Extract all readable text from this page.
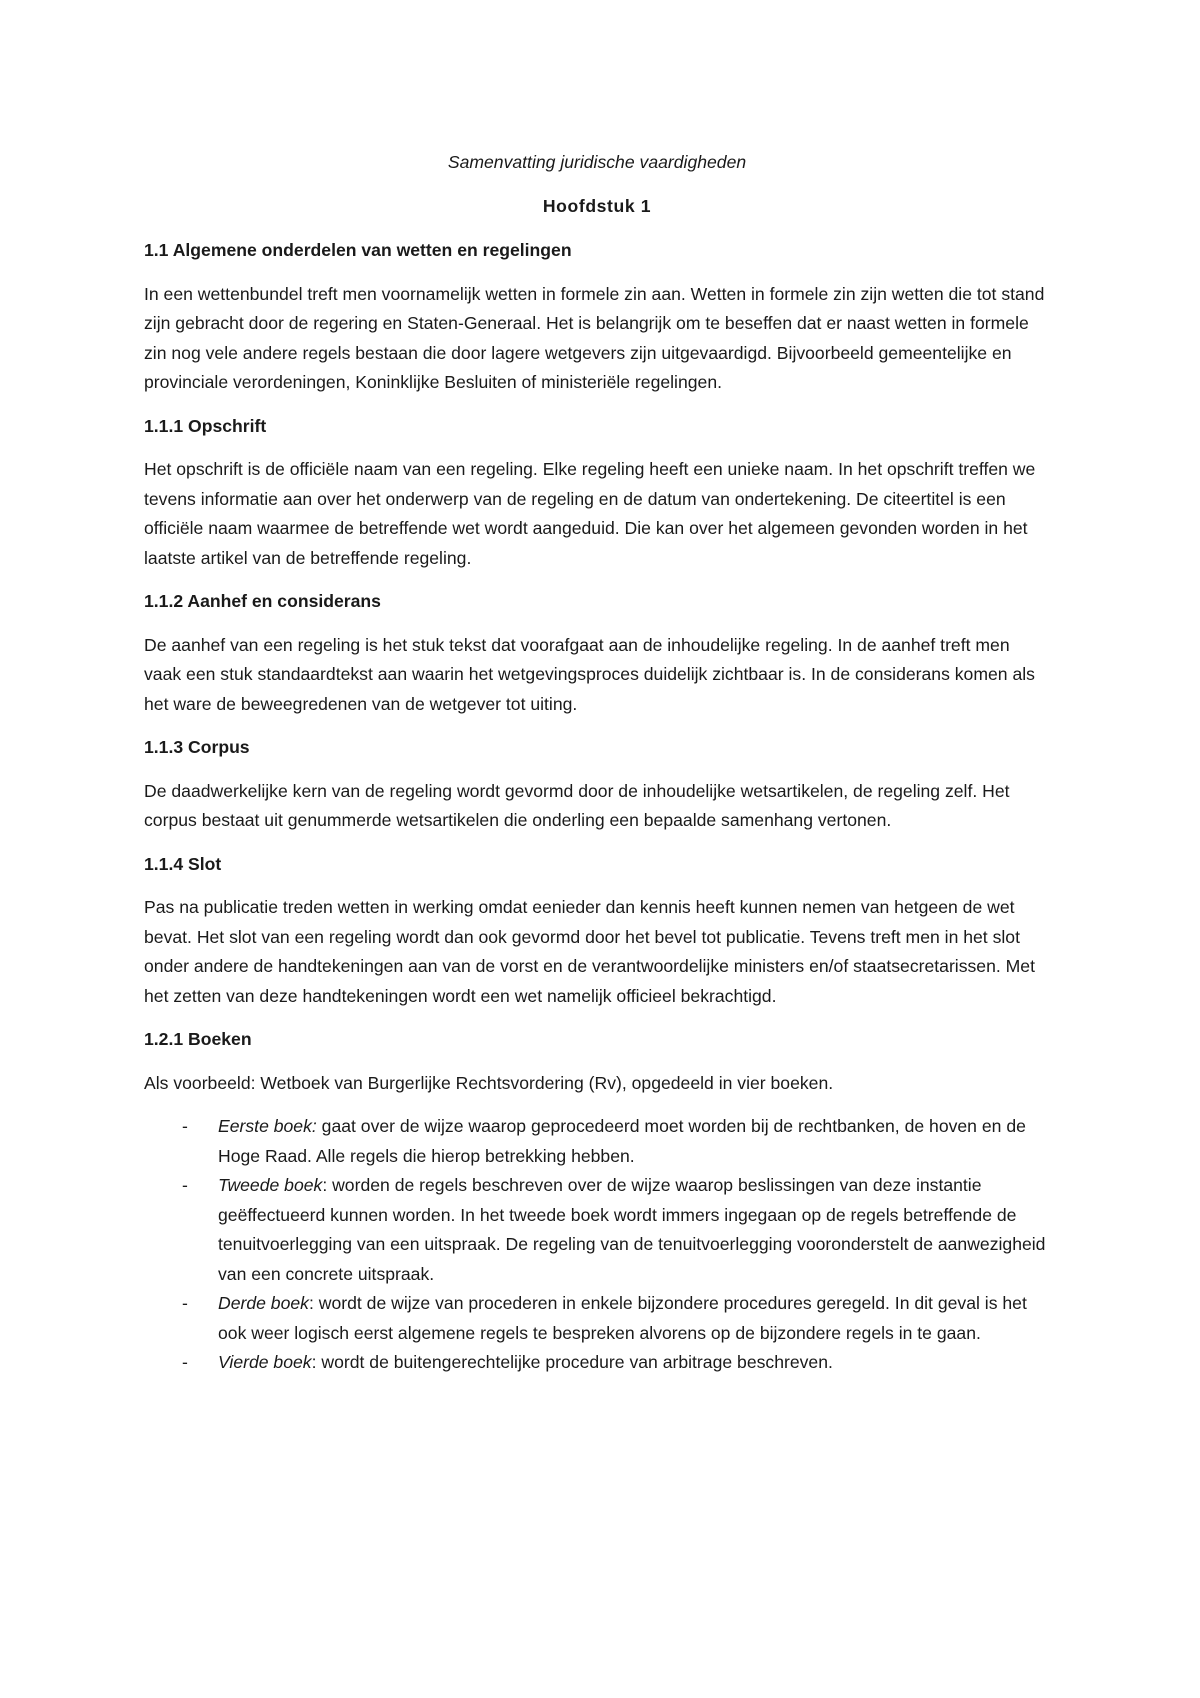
Samenvatting juridische vaardigheden
Hoofdstuk 1
1.1 Algemene onderdelen van wetten en regelingen

In een wettenbundel treft men voornamelijk wetten in formele zin aan. Wetten in formele zin zijn wetten die tot stand zijn gebracht door de regering en Staten-Generaal. Het is belangrijk om te beseffen dat er naast wetten in formele zin nog vele andere regels bestaan die door lagere wetgevers zijn uitgevaardigd. Bijvoorbeeld gemeentelijke en provinciale verordeningen, Koninklijke Besluiten of ministeriële regelingen.

1.1.1 Opschrift

Het opschrift is de officiële naam van een regeling. Elke regeling heeft een unieke naam. In het opschrift treffen we tevens informatie aan over het onderwerp van de regeling en de datum van ondertekening. De citeertitel is een officiële naam waarmee de betreffende wet wordt aangeduid. Die kan over het algemeen gevonden worden in het laatste artikel van de betreffende regeling.

1.1.2 Aanhef en considerans

De aanhef van een regeling is het stuk tekst dat voorafgaat aan de inhoudelijke regeling. In de aanhef treft men vaak een stuk standaardtekst aan waarin het wetgevingsproces duidelijk zichtbaar is. In de considerans komen als het ware de beweegredenen van de wetgever tot uiting.

1.1.3 Corpus

De daadwerkelijke kern van de regeling wordt gevormd door de inhoudelijke wetsartikelen, de regeling zelf. Het corpus bestaat uit genummerde wetsartikelen die onderling een bepaalde samenhang vertonen.

1.1.4 Slot

Pas na publicatie treden wetten in werking omdat eenieder dan kennis heeft kunnen nemen van hetgeen de wet bevat. Het slot van een regeling wordt dan ook gevormd door het bevel tot publicatie. Tevens treft men in het slot onder andere de handtekeningen aan van de vorst en de verantwoordelijke ministers en/of staatsecretarissen. Met het zetten van deze handtekeningen wordt een wet namelijk officieel bekrachtigd.

1.2.1 Boeken

Als voorbeeld: Wetboek van Burgerlijke Rechtsvordering (Rv), opgedeeld in vier boeken.

- Eerste boek: gaat over de wijze waarop geprocedeerd moet worden bij de rechtbanken, de hoven en de Hoge Raad. Alle regels die hierop betrekking hebben.
- Tweede boek: worden de regels beschreven over de wijze waarop beslissingen van deze instantie geëffectueerd kunnen worden. In het tweede boek wordt immers ingegaan op de regels betreffende de tenuitvoerlegging van een uitspraak. De regeling van de tenuitvoerlegging vooronderstelt de aanwezigheid van een concrete uitspraak.
- Derde boek: wordt de wijze van procederen in enkele bijzondere procedures geregeld. In dit geval is het ook weer logisch eerst algemene regels te bespreken alvorens op de bijzondere regels in te gaan.
- Vierde boek: wordt de buitengerechtelijke procedure van arbitrage beschreven.
